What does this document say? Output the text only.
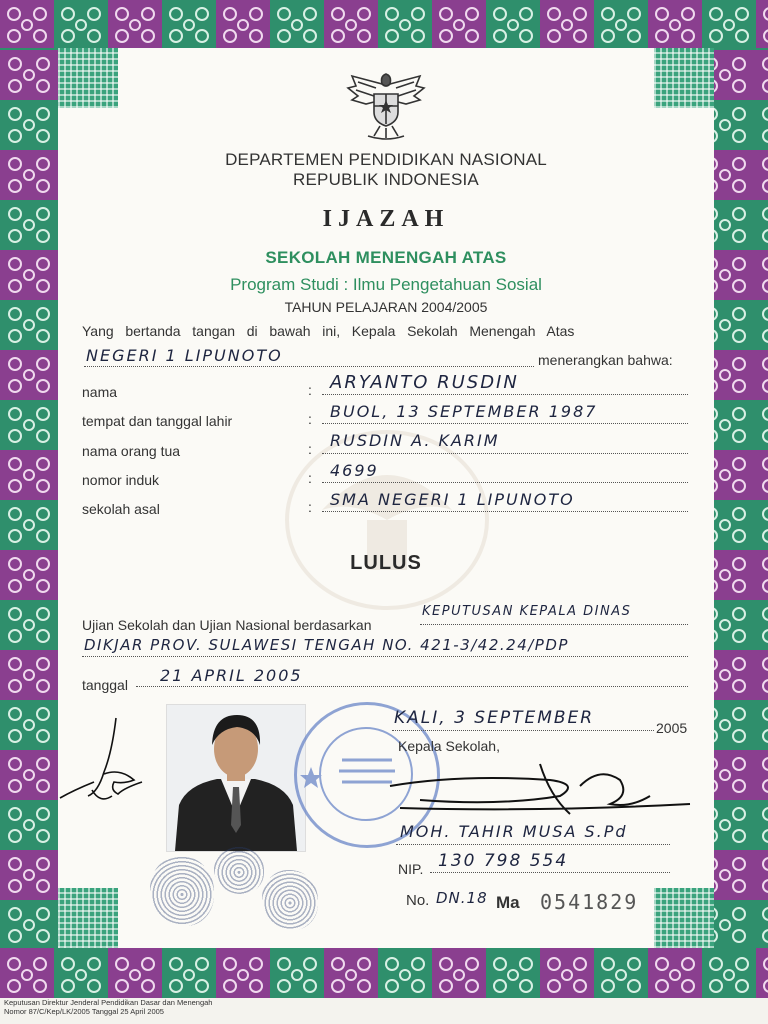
DEPARTEMEN PENDIDIKAN NASIONAL
REPUBLIK INDONESIA
IJAZAH
SEKOLAH MENENGAH ATAS
Program Studi : Ilmu Pengetahuan Sosial
TAHUN PELAJARAN 2004/2005
Yang   bertanda   tangan   di   bawah   ini,   Kepala   Sekolah   Menengah   Atas
NEGERI 1 LIPUNOTO	menerangkan bahwa:
nama	: ARYANTO RUSDIN
tempat dan tanggal lahir	: BUOL, 13 SEPTEMBER 1987
nama orang tua	: RUSDIN A. KARIM
nomor induk	: 4699
sekolah asal	: SMA NEGERI 1 LIPUNOTO
LULUS
Ujian Sekolah dan Ujian Nasional berdasarkan
KEPUTUSAN KEPALA DINAS
DIKJAR PROV. SULAWESI TENGAH NO. 421-3/42.24/PDP
tanggal 21 APRIL 2005
KALI, 3 SEPTEMBER	2005
Kepala Sekolah,
MOH. TAHIR MUSA S.Pd
NIP. 130 798 554
No. DN.18 Ma 0541829
Keputusan Direktur Jenderal Pendidikan Dasar dan Menengah
Nomor 87/C/Kep/LK/2005 Tanggal 25 April 2005
